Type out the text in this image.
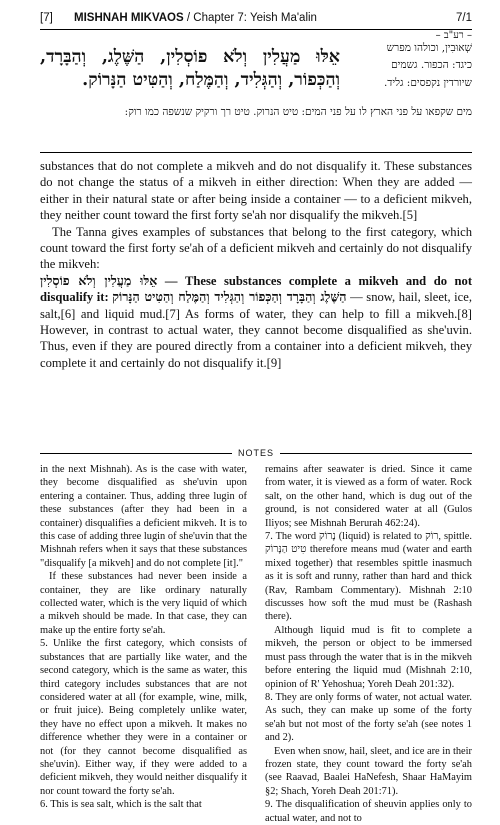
[7] MISHNAH MIKVAOS / Chapter 7: Yeish Ma'alin	7/1
– רע"ב –
אֵלּוּ מַעֲלִין וְלֹא פוֹסְלִין, הַשֶּׁלֶג, וְהַבָּרָד, וְהַכְּפוֹר, וְהַגְּלִיד, וְהַמֶּלַח, וְהַטִּיט הַנָּרוֹק.
שְׁאוּבִין, וכולהו מפרש
כיגד: הכפור. גשמים
שיורדין נקפסים: גליד.
מים שקפאו על פני הארץ לו על פני המים: טיט הנרוק. טיט רך ורקיק שנשפה כמו רוק:

substances that do not complete a mikveh and do not disqualify it. These substances do not change the status of a mikveh in either direction: When they are added — either in their natural state or after being inside a container — to a deficient mikveh, they neither count toward the first forty se'ah nor disqualify the mikveh.[5]

The Tanna gives examples of substances that belong to the first category, which count toward the first forty se'ah of a deficient mikveh and certainly do not disqualify the mikveh:

אֵלּוּ מַעֲלִין וְלֹא פוֹסְלִין — These substances complete a mikveh and do not disqualify it: הַשֶּׁלֶג וְהַבָּרָד וְהַכְּפוֹר וְהַגְּלִיד וְהַמֶּלַח וְהַטִּיט הַנָּרוֹק — snow, hail, sleet, ice, salt,[6] and liquid mud.[7] As forms of water, they can help to fill a mikveh.[8] However, in contrast to actual water, they cannot become disqualified as she'uvin. Thus, even if they are poured directly from a container into a deficient mikveh, they complete it and certainly do not disqualify it.[9]

NOTES

in the next Mishnah). As is the case with water, they become disqualified as she'uvin upon entering a container. Thus, adding three lugin of these substances (after they had been in a container) disqualifies a deficient mikveh. It is to this case of adding three lugin of she'uvin that the Mishnah refers when it says that these substances "disqualify [a mikveh] and do not complete [it]."

If these substances had never been inside a container, they are like ordinary naturally collected water, which is the very liquid of which a mikveh should be made. In that case, they can make up the entire forty se'ah.

5. Unlike the first category, which consists of substances that are partially like water, and the second category, which is the same as water, this third category includes substances that are not considered water at all (for example, wine, milk, or fruit juice). Being completely unlike water, they have no effect upon a mikveh. It makes no difference whether they were in a container or not (for they cannot become disqualified as she'uvin). Either way, if they were added to a deficient mikveh, they would neither disqualify it nor count toward the forty se'ah.

6. This is sea salt, which is the salt that

remains after seawater is dried. Since it came from water, it is viewed as a form of water. Rock salt, on the other hand, which is dug out of the ground, is not considered water at all (Gulos Iliyos; see Mishnah Berurah 462:24).

7. The word נָרוֹק (liquid) is related to רוֹק, spittle. טִיט הַנָּרוֹק therefore means mud (water and earth mixed together) that resembles spittle inasmuch as it is soft and runny, rather than hard and thick (Rav, Rambam Commentary). Mishnah 2:10 discusses how soft the mud must be (Rashash there).

Although liquid mud is fit to complete a mikveh, the person or object to be immersed must pass through the water that is in the mikveh before entering the liquid mud (Mishnah 2:10, opinion of R' Yehoshua; Yoreh Deah 201:32).

8. They are only forms of water, not actual water. As such, they can make up some of the forty se'ah but not most of the forty se'ah (see notes 1 and 2).

Even when snow, hail, sleet, and ice are in their frozen state, they count toward the forty se'ah (see Raavad, Baalei HaNefesh, Shaar HaMayim §2; Shach, Yoreh Deah 201:71).

9. The disqualification of sheuvin applies only to actual water, and not to
